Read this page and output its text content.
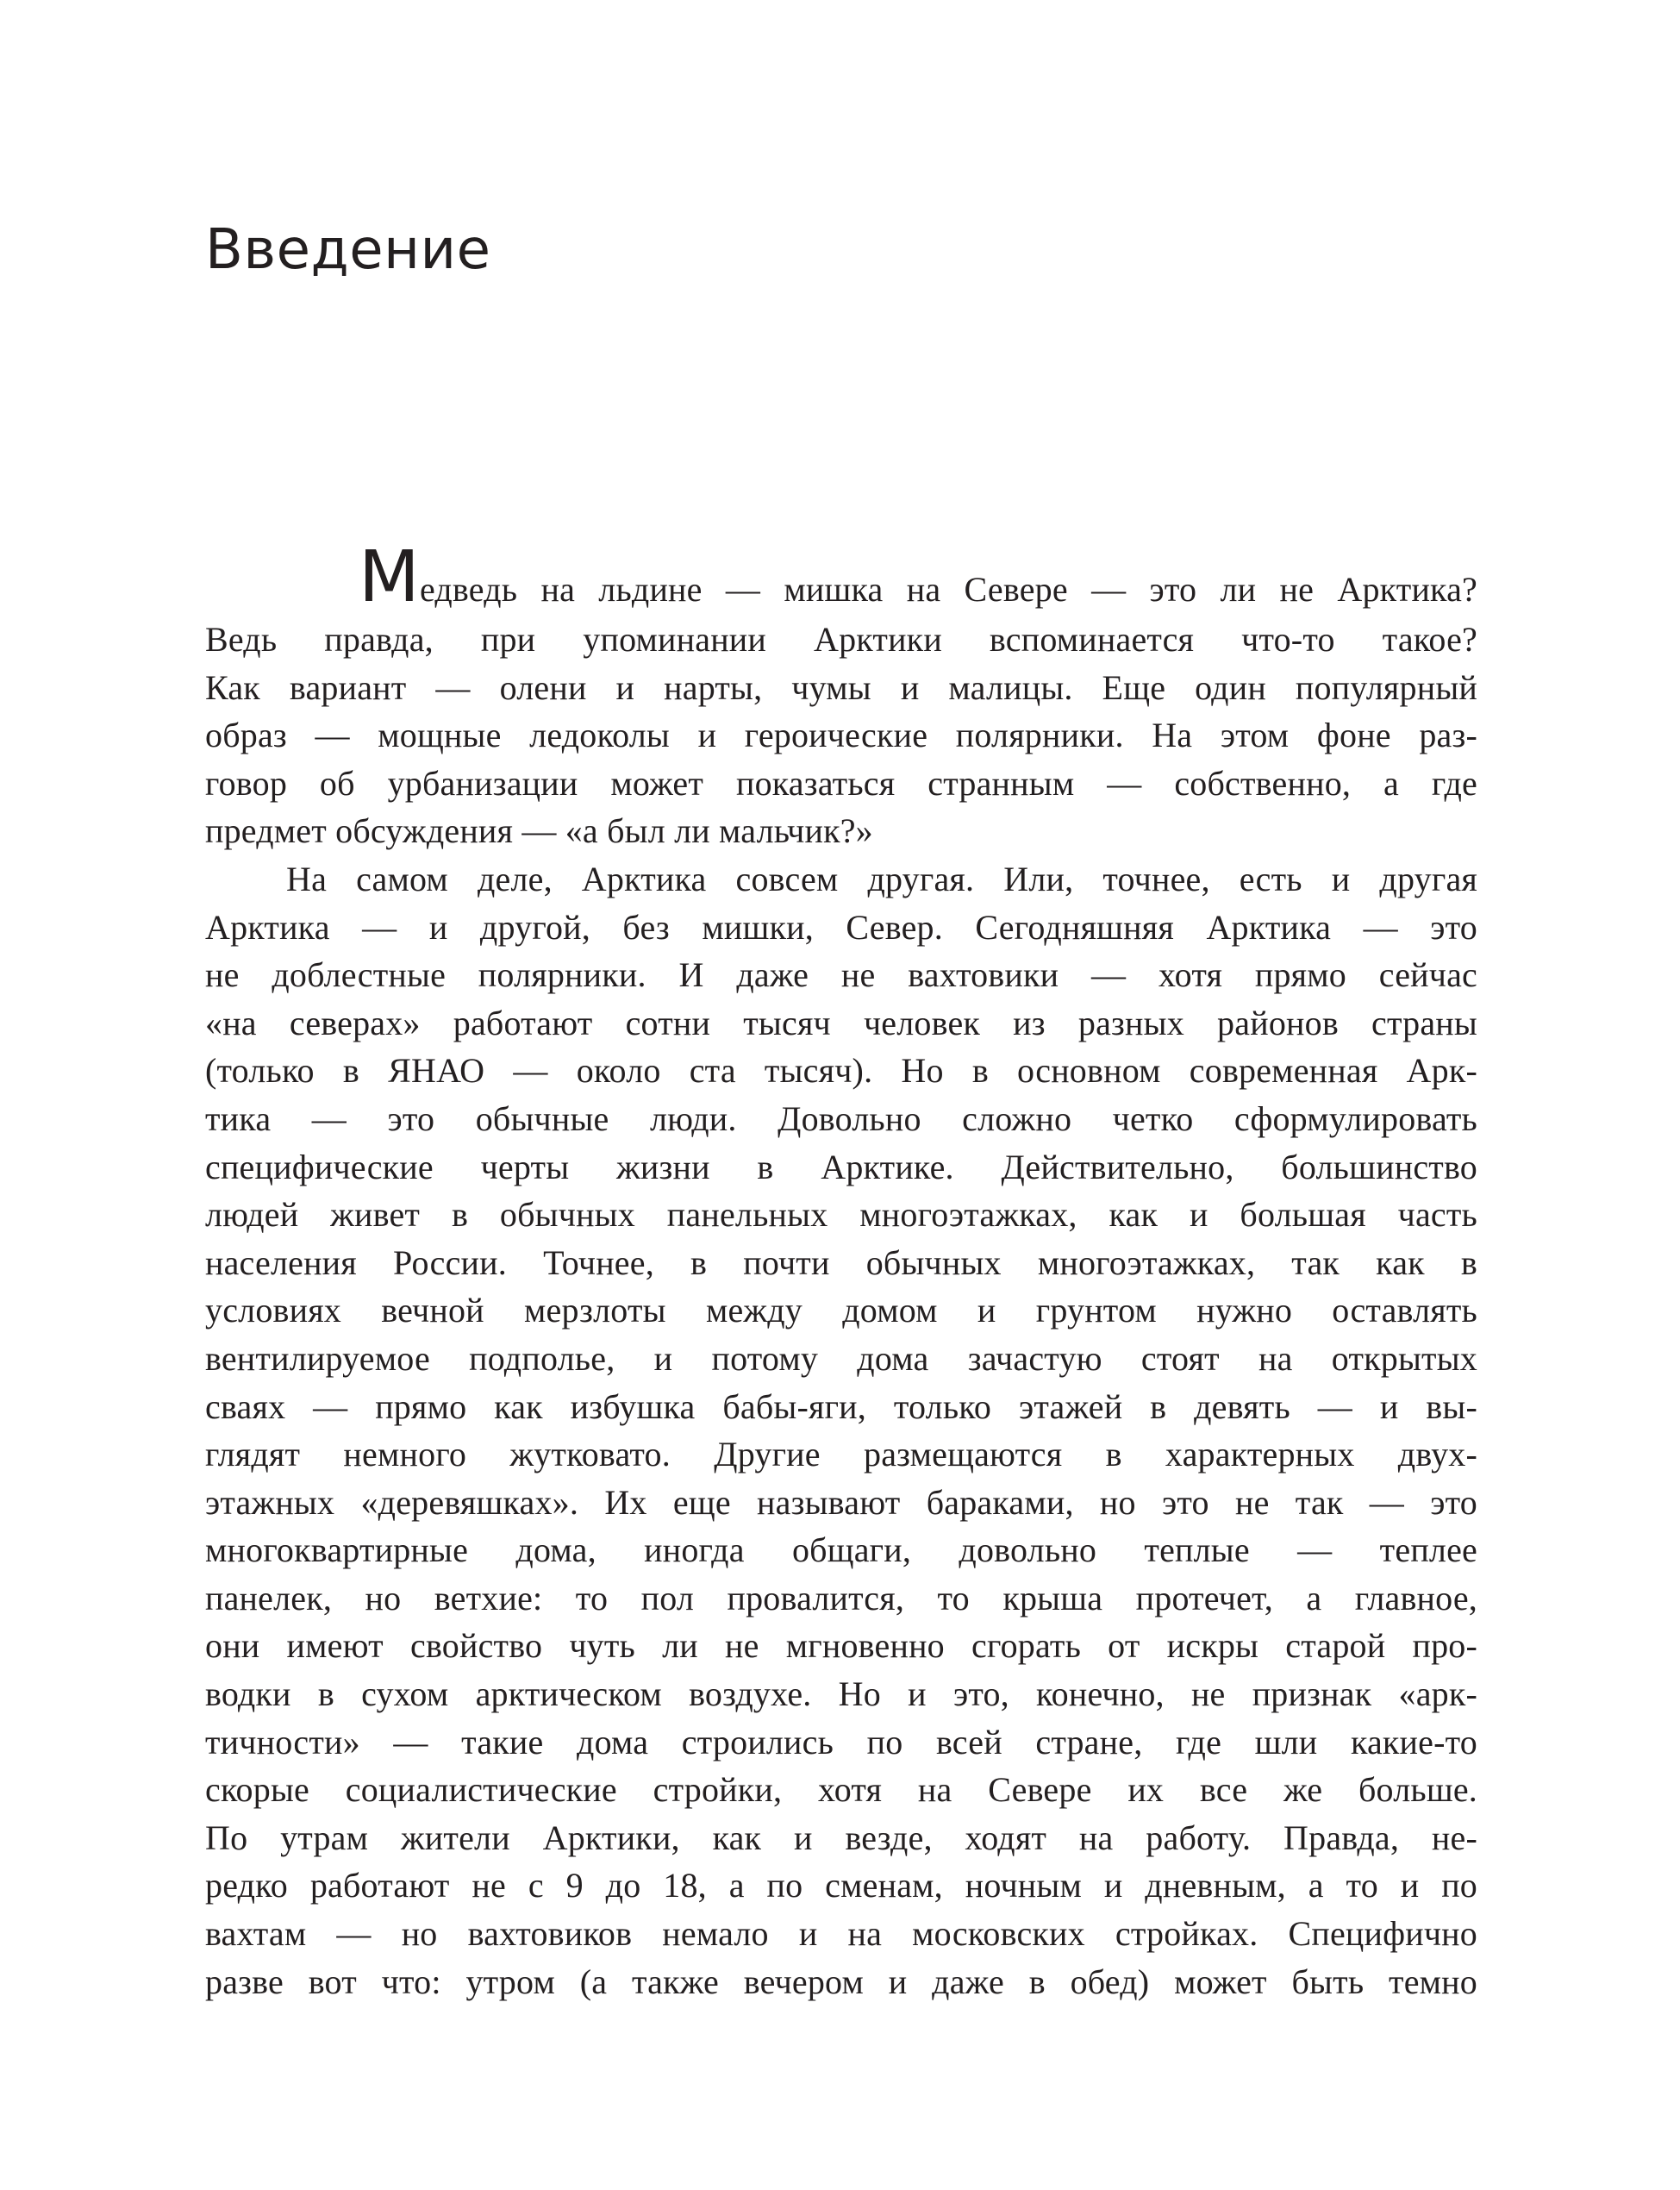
Введение
Медведь на льдине — мишка на Севере — это ли не Арктика?
Ведь правда, при упоминании Арктики вспоминается что-то такое?
Как вариант — олени и нарты, чумы и малицы. Еще один популярный
образ — мощные ледоколы и героические полярники. На этом фоне раз-
говор об урбанизации может показаться странным — собственно, а где
предмет обсуждения — «а был ли мальчик?»
На самом деле, Арктика совсем другая. Или, точнее, есть и другая
Арктика — и другой, без мишки, Север. Сегодняшняя Арктика — это
не доблестные полярники. И даже не вахтовики — хотя прямо сейчас
«на северах» работают сотни тысяч человек из разных районов страны
(только в ЯНАО — около ста тысяч). Но в основном современная Арк-
тика — это обычные люди. Довольно сложно четко сформулировать
специфические черты жизни в Арктике. Действительно, большинство
людей живет в обычных панельных многоэтажках, как и большая часть
населения России. Точнее, в почти обычных многоэтажках, так как в
условиях вечной мерзлоты между домом и грунтом нужно оставлять
вентилируемое подполье, и потому дома зачастую стоят на открытых
сваях — прямо как избушка бабы-яги, только этажей в девять — и вы-
глядят немного жутковато. Другие размещаются в характерных двух-
этажных «деревяшках». Их еще называют бараками, но это не так — это
многоквартирные дома, иногда общаги, довольно теплые — теплее
панелек, но ветхие: то пол провалится, то крыша протечет, а главное,
они имеют свойство чуть ли не мгновенно сгорать от искры старой про-
водки в сухом арктическом воздухе. Но и это, конечно, не признак «арк-
тичности» — такие дома строились по всей стране, где шли какие-то
скорые социалистические стройки, хотя на Севере их все же больше.
По утрам жители Арктики, как и везде, ходят на работу. Правда, не-
редко работают не с 9 до 18, а по сменам, ночным и дневным, а то и по
вахтам — но вахтовиков немало и на московских стройках. Специфично
разве вот что: утром (а также вечером и даже в обед) может быть темно
